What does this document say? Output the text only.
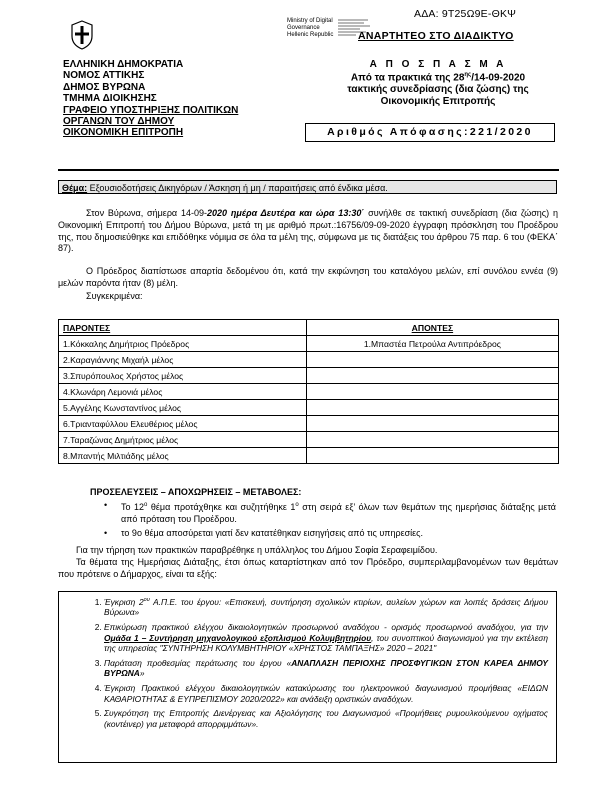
ΑΔΑ: 9Τ25Ω9Ε-ΘΚΨ
Ministry of Digital
Governance
Hellenic Republic ΑΝΑΡΤΗΤΕΟ ΣΤΟ ΔΙΑΔΙΚΤΥΟ
ΕΛΛΗΝΙΚΗ ΔΗΜΟΚΡΑΤΙΑ
ΝΟΜΟΣ ΑΤΤΙΚΗΣ
ΔΗΜΟΣ ΒΥΡΩΝΑ
ΤΜΗΜΑ ΔΙΟΙΚΗΣΗΣ
ΓΡΑΦΕΙΟ ΥΠΟΣΤΗΡΙΞΗΣ ΠΟΛΙΤΙΚΩΝ
ΟΡΓΑΝΩΝ ΤΟΥ ΔΗΜΟΥ
ΟΙΚΟΝΟΜΙΚΗ ΕΠΙΤΡΟΠΗ
Α Π Ο Σ Π Α Σ Μ Α
Από τα πρακτικά της $28^{\eta\varsigma}/14-09-2020$
τακτικής συνεδρίασης (δια ζώσης) της
Οικονομικής Επιτροπής
Αριθμός Απόφασης:221/2020
Θέμα: Εξουσιοδοτήσεις Δικηγόρων / Άσκηση ή μη / παραιτήσεις από ένδικα μέσα.
Στον Βύρωνα, σήμερα 14-09-2020 ημέρα Δευτέρα και ώρα 13:30΄ συνήλθε σε τακτική συνεδρίαση (δια ζώσης) η Οικονομική Επιτροπή του Δήμου Βύρωνα, μετά τη με αριθμό πρωτ.:16756/09-09-2020 έγγραφη πρόσκληση του Προέδρου της, που δημοσιεύθηκε και επιδόθηκε νόμιμα σε όλα τα μέλη της, σύμφωνα με τις διατάξεις του άρθρου 75 παρ. 6 του (ΦΕΚΑ΄ 87).
Ο Πρόεδρος διαπίστωσε απαρτία δεδομένου ότι, κατά την εκφώνηση του καταλόγου μελών, επί συνόλου εννέα (9) μελών παρόντα ήταν (8) μέλη.
Συγκεκριμένα:
ΠΑΡΟΝΤΕΣ	ΑΠΟΝΤΕΣ
1.Κόκκαλης Δημήτριος Πρόεδρος	1.Μπαστέα Πετρούλα Αντιπρόεδρος
2.Καραγιάννης Μιχαήλ μέλος	
3.Σπυρόπουλος Χρήστος μέλος	
4.Κλωνάρη Λεμονιά μέλος	
5.Αγγέλης Κωνσταντίνος μέλος	
6.Τριανταφύλλου Ελευθέριος μέλος	
7.Ταραζώνας Δημήτριος μέλος	
8.Μπαντής Μιλτιάδης μέλος	
ΠΡΟΣΕΛΕΥΣΕΙΣ – ΑΠΟΧΩΡΗΣΕΙΣ – ΜΕΤΑΒΟΛΕΣ:
• Το $12^o$ θέμα προτάχθηκε και συζητήθηκε $1^o$ στη σειρά εξ’ όλων των θεμάτων της ημερήσιας διάταξης μετά από πρόταση του Προέδρου.
• το 9ο θέμα αποσύρεται γιατί δεν κατατέθηκαν εισηγήσεις από τις υπηρεσίες.
Για την τήρηση των πρακτικών παραβρέθηκε η υπάλληλος του Δήμου Σοφία Σεραφειμίδου.
Τα θέματα της Ημερήσιας Διάταξης, έτσι όπως καταρτίστηκαν από τον Πρόεδρο, συμπεριλαμβανομένων των θεμάτων που πρότεινε ο Δήμαρχος, είναι τα εξής:
1. Έγκριση $2^{o\upsilon}$ Α.Π.Ε. του έργου: «Επισκευή, συντήρηση σχολικών κτιρίων, αυλείων χώρων και λοιπές δράσεις Δήμου Βύρωνα»
2. Επικύρωση πρακτικού ελέγχου δικαιολογητικών προσωρινού αναδόχου - ορισμός προσωρινού αναδόχου, για την Ομάδα 1 – Συντήρηση μηχανολογικού εξοπλισμού Κολυμβητηρίου, του συνοπτικού διαγωνισμού για την εκτέλεση της υπηρεσίας "ΣΥΝΤΗΡΗΣΗ ΚΟΛΥΜΒΗΤΗΡΙΟΥ «ΧΡΗΣΤΟΣ ΤΑΜΠΑΞΗΣ» 2020 – 2021"
3. Παράταση προθεσμίας περάτωσης του έργου «ΑΝΑΠΛΑΣΗ ΠΕΡΙΟΧΗΣ ΠΡΟΣΦΥΓΙΚΩΝ ΣΤΟΝ ΚΑΡΕΑ ΔΗΜΟΥ ΒΥΡΩΝΑ»
4. Έγκριση Πρακτικού ελέγχου δικαιολογητικών κατακύρωσης του ηλεκτρονικού διαγωνισμού προμήθειας «ΕΙΔΩΝ ΚΑΘΑΡΙΟΤΗΤΑΣ & ΕΥΠΡΕΠΙΣΜΟΥ 2020/2022» και ανάδειξη οριστικών αναδόχων.
5. Συγκρότηση της Επιτροπής Διενέργειας και Αξιολόγησης του Διαγωνισμού «Προμήθειες ρυμουλκούμενου οχήματος (κοντέινερ) για μεταφορά απορριμμάτων».
